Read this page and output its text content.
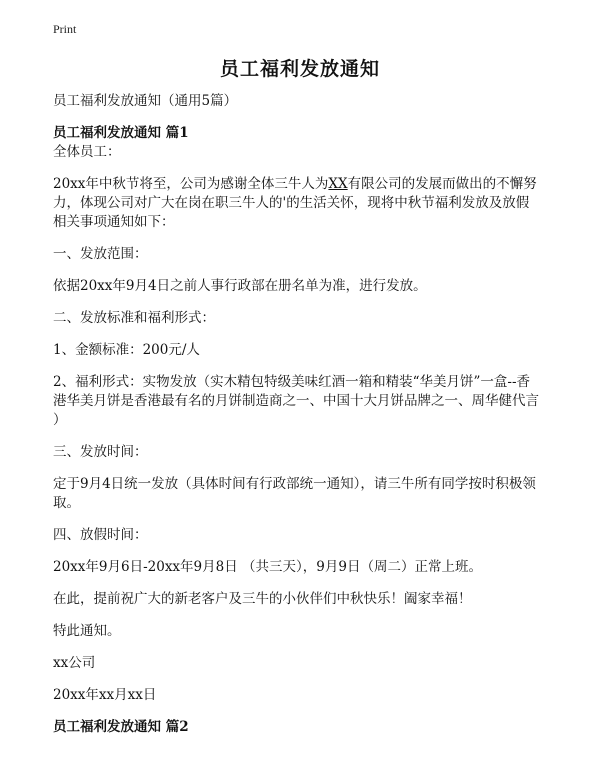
Print
员工福利发放通知

员工福利发放通知（通用5篇）

员工福利发放通知 篇1

全体员工：

20xx年中秋节将至，公司为感谢全体三牛人为XX有限公司的发展而做出的不懈努

力，体现公司对广大在岗在职三牛人的'的生活关怀，现将中秋节福利发放及放假

相关事项通知如下：

一、发放范围：

依据20xx年9月4日之前人事行政部在册名单为准，进行发放。

二、发放标准和福利形式：

1、金额标准：200元/人

2、福利形式：实物发放（实木精包特级美味红酒一箱和精装“华美月饼”一盒--香

港华美月饼是香港最有名的月饼制造商之一、中国十大月饼品牌之一、周华健代言

）

三、发放时间：

定于9月4日统一发放（具体时间有行政部统一通知），请三牛所有同学按时积极领

取。

四、放假时间：

20xx年9月6日-20xx年9月8日 （共三天），9月9日（周二）正常上班。

在此，提前祝广大的新老客户及三牛的小伙伴们中秋快乐！阖家幸福！

特此通知。

xx公司

20xx年xx月xx日

员工福利发放通知 篇2
